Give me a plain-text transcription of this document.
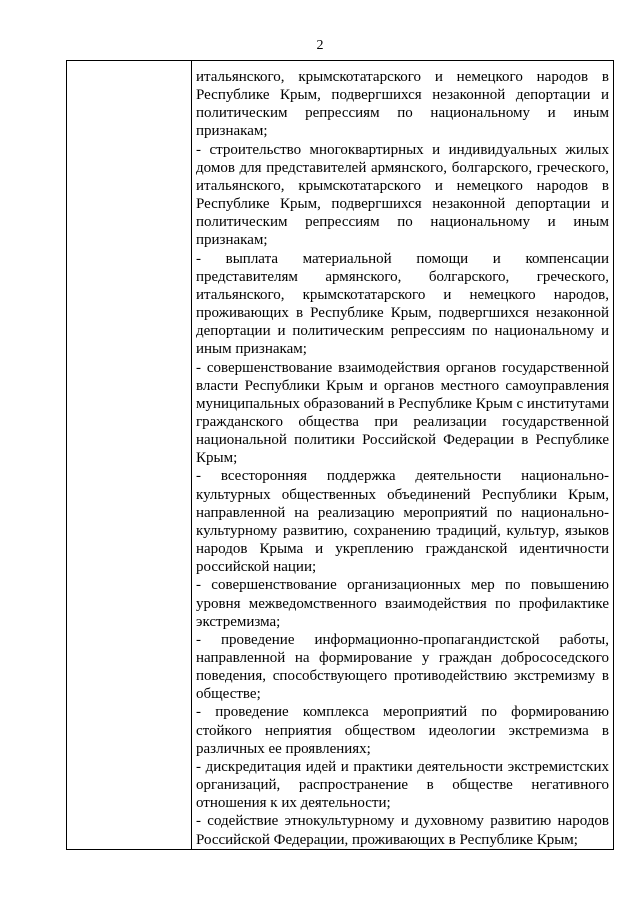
2

итальянского, крымскотатарского и немецкого народов в Республике Крым, подвергшихся незаконной депортации и политическим репрессиям по национальному и иным признакам;

- строительство многоквартирных и индивидуальных жилых домов для представителей армянского, болгарского, греческого, итальянского, крымскотатарского и немецкого народов в Республике Крым, подвергшихся незаконной депортации и политическим репрессиям по национальному и иным признакам;

- выплата материальной помощи и компенсации представителям армянского, болгарского, греческого, итальянского, крымскотатарского и немецкого народов, проживающих в Республике Крым, подвергшихся незаконной депортации и политическим репрессиям по национальному и иным признакам;

- совершенствование взаимодействия органов государственной власти Республики Крым и органов местного самоуправления муниципальных образований в Республике Крым с институтами гражданского общества при реализации государственной национальной политики Российской Федерации в Республике Крым;

- всесторонняя поддержка деятельности национально-культурных общественных объединений Республики Крым, направленной на реализацию мероприятий по национально-культурному развитию, сохранению традиций, культур, языков народов Крыма и укреплению гражданской идентичности российской нации;

- совершенствование организационных мер по повышению уровня межведомственного взаимодействия по профилактике экстремизма;

- проведение информационно-пропагандистской работы, направленной на формирование у граждан добрососедского поведения, способствующего противодействию экстремизму в обществе;

- проведение комплекса мероприятий по формированию стойкого неприятия обществом идеологии экстремизма в различных ее проявлениях;

- дискредитация идей и практики деятельности экстремистских организаций, распространение в обществе негативного отношения к их деятельности;

- содействие этнокультурному и духовному развитию народов Российской Федерации, проживающих в Республике Крым;
